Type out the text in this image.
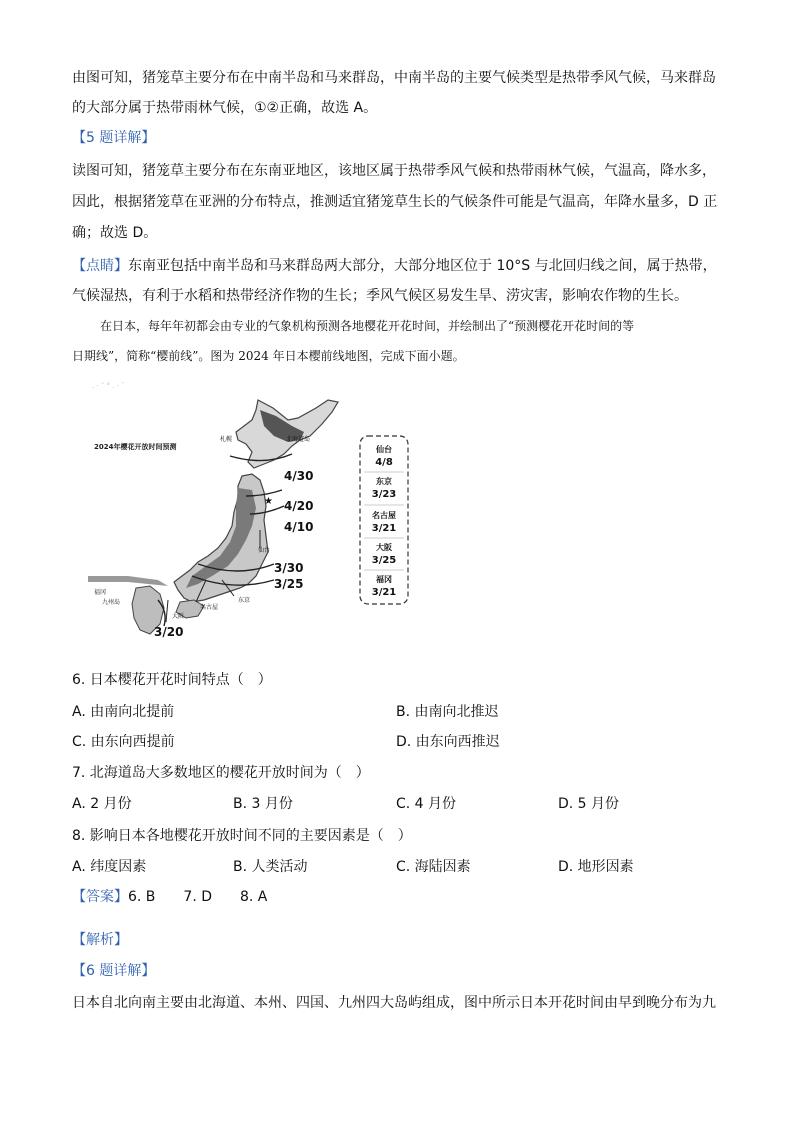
由图可知，猪笼草主要分布在中南半岛和马来群岛，中南半岛的主要气候类型是热带季风气候，马来群岛
的大部分属于热带雨林气候，①②正确，故选 A。
【5 题详解】
读图可知，猪笼草主要分布在东南亚地区，该地区属于热带季风气候和热带雨林气候，气温高，降水多，
因此，根据猪笼草在亚洲的分布特点，推测适宜猪笼草生长的气候条件可能是气温高，年降水量多，D 正
确；故选 D。
【点睛】东南亚包括中南半岛和马来群岛两大部分，大部分地区位于 10°S 与北回归线之间，属于热带，
气候湿热，有利于水稻和热带经济作物的生长；季风气候区易发生旱、涝灾害，影响农作物的生长。
在日本，每年年初都会由专业的气象机构预测各地樱花开花时间，并绘制出了“预测樱花开花时间的等
日期线”，简称“樱前线”。图为 2024 年日本樱前线地图，完成下面小题。
. · ˜ ° . · ¨
2024年樱花开放时间预测
★
札幌	北海道岛
仙台
福冈
九州岛
大阪
名古屋
东京
4/30
4/20
4/10
3/30
3/25
3/20
仙台
4/8
东京
3/23
名古屋
3/21
大阪
3/25
福冈
3/21
6. 日本樱花开花时间特点（　）
A. 由南向北提前	B. 由南向北推迟
C. 由东向西提前	D. 由东向西推迟
7. 北海道岛大多数地区的樱花开放时间为（　）
A. 2 月份	B. 3 月份	C. 4 月份	D. 5 月份
8. 影响日本各地樱花开放时间不同的主要因素是（　）
A. 纬度因素	B. 人类活动	C. 海陆因素	D. 地形因素
【答案】6. B　　7. D　　8. A
【解析】
【6 题详解】
日本自北向南主要由北海道、本州、四国、九州四大岛屿组成，图中所示日本开花时间由早到晚分布为九
